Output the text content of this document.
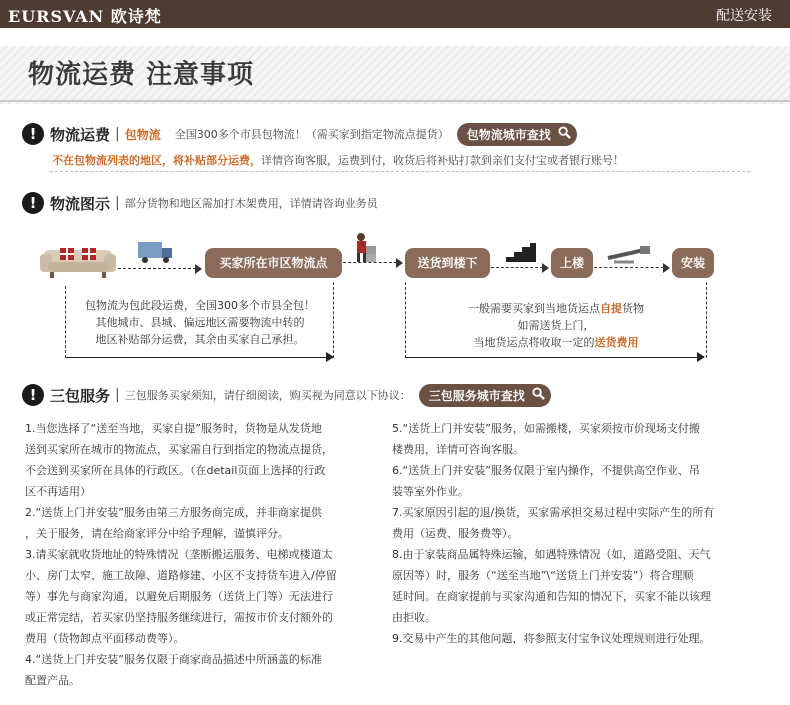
EURSVAN 欧诗梵	配送安装
物流运费 注意事项
! 物流运费 | 包物流 全国300多个市县包物流！（需买家到指定物流点提货） 包物流城市查找
不在包物流列表的地区，将补贴部分运费，详情咨询客服，运费到付，收货后将补贴打款到亲们支付宝或者银行账号！
! 物流图示 | 部分货物和地区需加打木架费用，详情请咨询业务员
买家所在市区物流点	送货到楼下	上楼	安装
包物流为包此段运费，全国300多个市县全包！
其他城市、县城、偏远地区需要物流中转的
地区补贴部分运费，其余由买家自己承担。
一般需要买家到当地货运点自提货物
如需送货上门，
当地货运点将收取一定的送货费用
! 三包服务 | 三包服务买家须知，请仔细阅读，购买视为同意以下协议： 三包服务城市查找

1.当您选择了“送至当地，买家自提”服务时，货物是从发货地

送到买家所在城市的物流点，买家需自行到指定的物流点提货，

不会送到买家所在具体的行政区。（在detail页面上选择的行政

区不再适用）

2.“送货上门并安装”服务由第三方服务商完成，并非商家提供

，关于服务，请在给商家评分中给予理解，谨慎评分。

3.请买家就收货地址的特殊情况（垄断搬运服务、电梯或楼道太

小、房门太窄、施工故障、道路修建、小区不支持货车进入/停留

等）事先与商家沟通，以避免后期服务（送货上门等）无法进行

或正常完结，若买家仍坚持服务继续进行，需按市价支付额外的

费用（货物卸点平面移动费等）。

4.“送货上门并安装”服务仅限于商家商品描述中所涵盖的标准

配置产品。

5.“送货上门并安装”服务，如需搬楼，买家须按市价现场支付搬

楼费用，详情可咨询客服。

6.“送货上门并安装”服务仅限于室内操作，不提供高空作业、吊

装等室外作业。

7.买家原因引起的退/换货，买家需承担交易过程中实际产生的所有

费用（运费、服务费等）。

8.由于家装商品属特殊运输，如遇特殊情况（如，道路受阻、天气

原因等）时，服务（“送至当地”\“送货上门并安装”）将合理顺

延时间。在商家提前与买家沟通和告知的情况下，买家不能以该理

由拒收。

9.交易中产生的其他问题，将参照支付宝争议处理规则进行处理。
